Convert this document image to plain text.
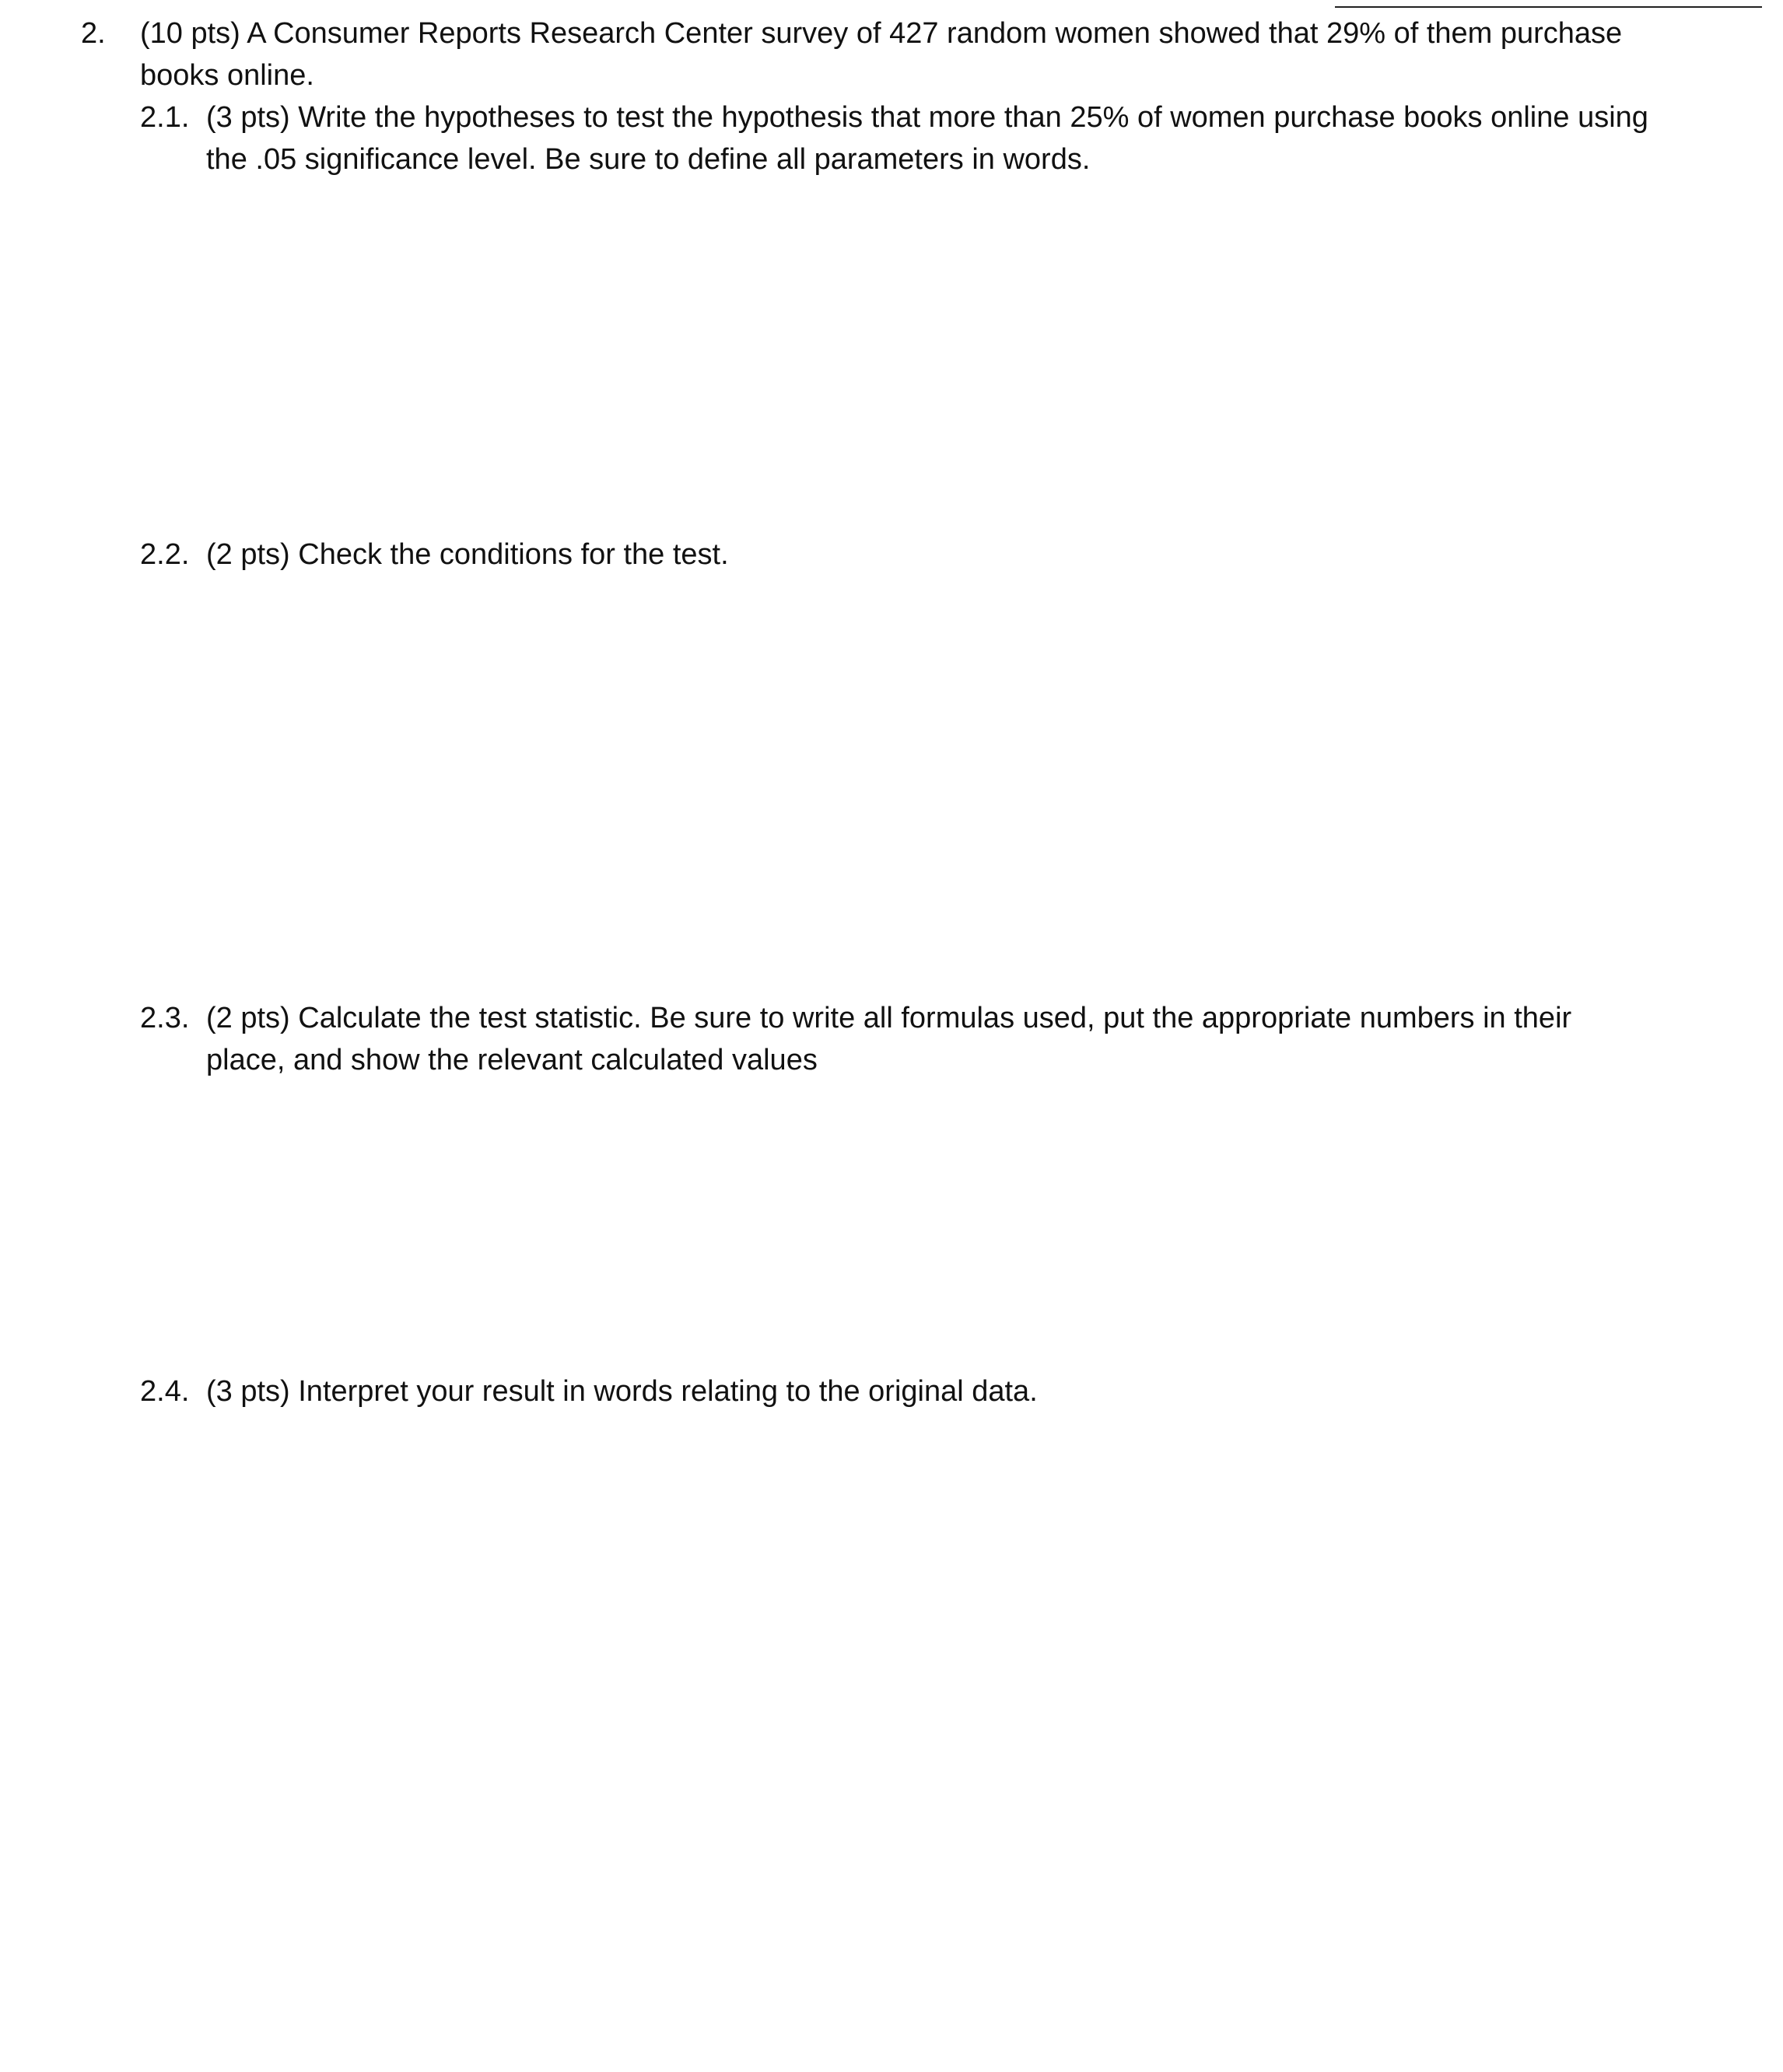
2. (10 pts) A Consumer Reports Research Center survey of 427 random women showed that 29% of them purchase
books online.
2.1. (3 pts) Write the hypotheses to test the hypothesis that more than 25% of women purchase books online using
the .05 significance level. Be sure to define all parameters in words.
2.2. (2 pts) Check the conditions for the test.
2.3. (2 pts) Calculate the test statistic. Be sure to write all formulas used, put the appropriate numbers in their
place, and show the relevant calculated values
2.4. (3 pts) Interpret your result in words relating to the original data.
